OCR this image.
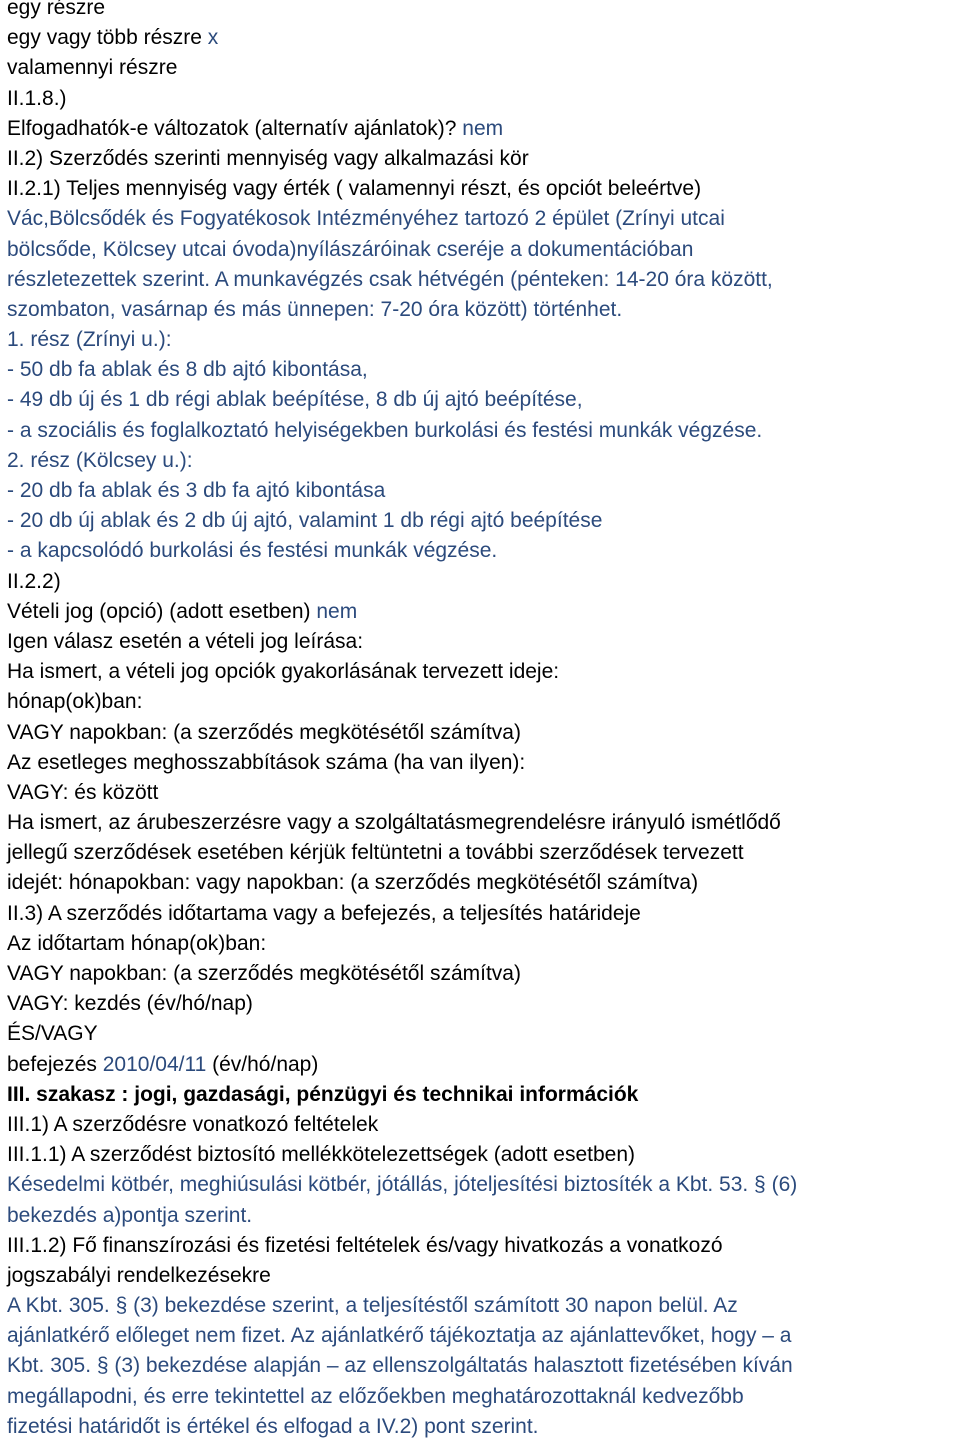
egy részre
egy vagy több részre x
valamennyi részre
II.1.8.)
Elfogadhatók-e változatok (alternatív ajánlatok)? nem
II.2) Szerződés szerinti mennyiség vagy alkalmazási kör
II.2.1) Teljes mennyiség vagy érték ( valamennyi részt, és opciót beleértve)
Vác,Bölcsődék és Fogyatékosok Intézményéhez tartozó 2 épület (Zrínyi utcai
bölcsőde, Kölcsey utcai óvoda)nyílászáróinak cseréje a dokumentációban
részletezettek szerint. A munkavégzés csak hétvégén (pénteken: 14-20 óra között,
szombaton, vasárnap és más ünnepen: 7-20 óra között) történhet.
1. rész (Zrínyi u.):
- 50 db fa ablak és 8 db ajtó kibontása,
- 49 db új és 1 db régi ablak beépítése, 8 db új ajtó beépítése,
- a szociális és foglalkoztató helyiségekben burkolási és festési munkák végzése.
2. rész (Kölcsey u.):
- 20 db fa ablak és 3 db fa ajtó kibontása
- 20 db új ablak és 2 db új ajtó, valamint 1 db régi ajtó beépítése
- a kapcsolódó burkolási és festési munkák végzése.
II.2.2)
Vételi jog (opció) (adott esetben) nem
Igen válasz esetén a vételi jog leírása:
Ha ismert, a vételi jog opciók gyakorlásának tervezett ideje:
hónap(ok)ban:
VAGY napokban: (a szerződés megkötésétől számítva)
Az esetleges meghosszabbítások száma (ha van ilyen):
VAGY: és között
Ha ismert, az árubeszerzésre vagy a szolgáltatásmegrendelésre irányuló ismétlődő
jellegű szerződések esetében kérjük feltüntetni a további szerződések tervezett
idejét: hónapokban: vagy napokban: (a szerződés megkötésétől számítva)
II.3) A szerződés időtartama vagy a befejezés, a teljesítés határideje
Az időtartam hónap(ok)ban:
VAGY napokban: (a szerződés megkötésétől számítva)
VAGY: kezdés (év/hó/nap)
ÉS/VAGY
befejezés 2010/04/11 (év/hó/nap)
III. szakasz : jogi, gazdasági, pénzügyi és technikai információk
III.1) A szerződésre vonatkozó feltételek
III.1.1) A szerződést biztosító mellékkötelezettségek (adott esetben)
Késedelmi kötbér, meghiúsulási kötbér, jótállás, jóteljesítési biztosíték a Kbt. 53. § (6)
bekezdés a)pontja szerint.
III.1.2) Fő finanszírozási és fizetési feltételek és/vagy hivatkozás a vonatkozó
jogszabályi rendelkezésekre
A Kbt. 305. § (3) bekezdése szerint, a teljesítéstől számított 30 napon belül. Az
ajánlatkérő előleget nem fizet. Az ajánlatkérő tájékoztatja az ajánlattevőket, hogy – a
Kbt. 305. § (3) bekezdése alapján – az ellenszolgáltatás halasztott fizetésében kíván
megállapodni, és erre tekintettel az előzőekben meghatározottaknál kedvezőbb
fizetési határidőt is értékel és elfogad a IV.2) pont szerint.
